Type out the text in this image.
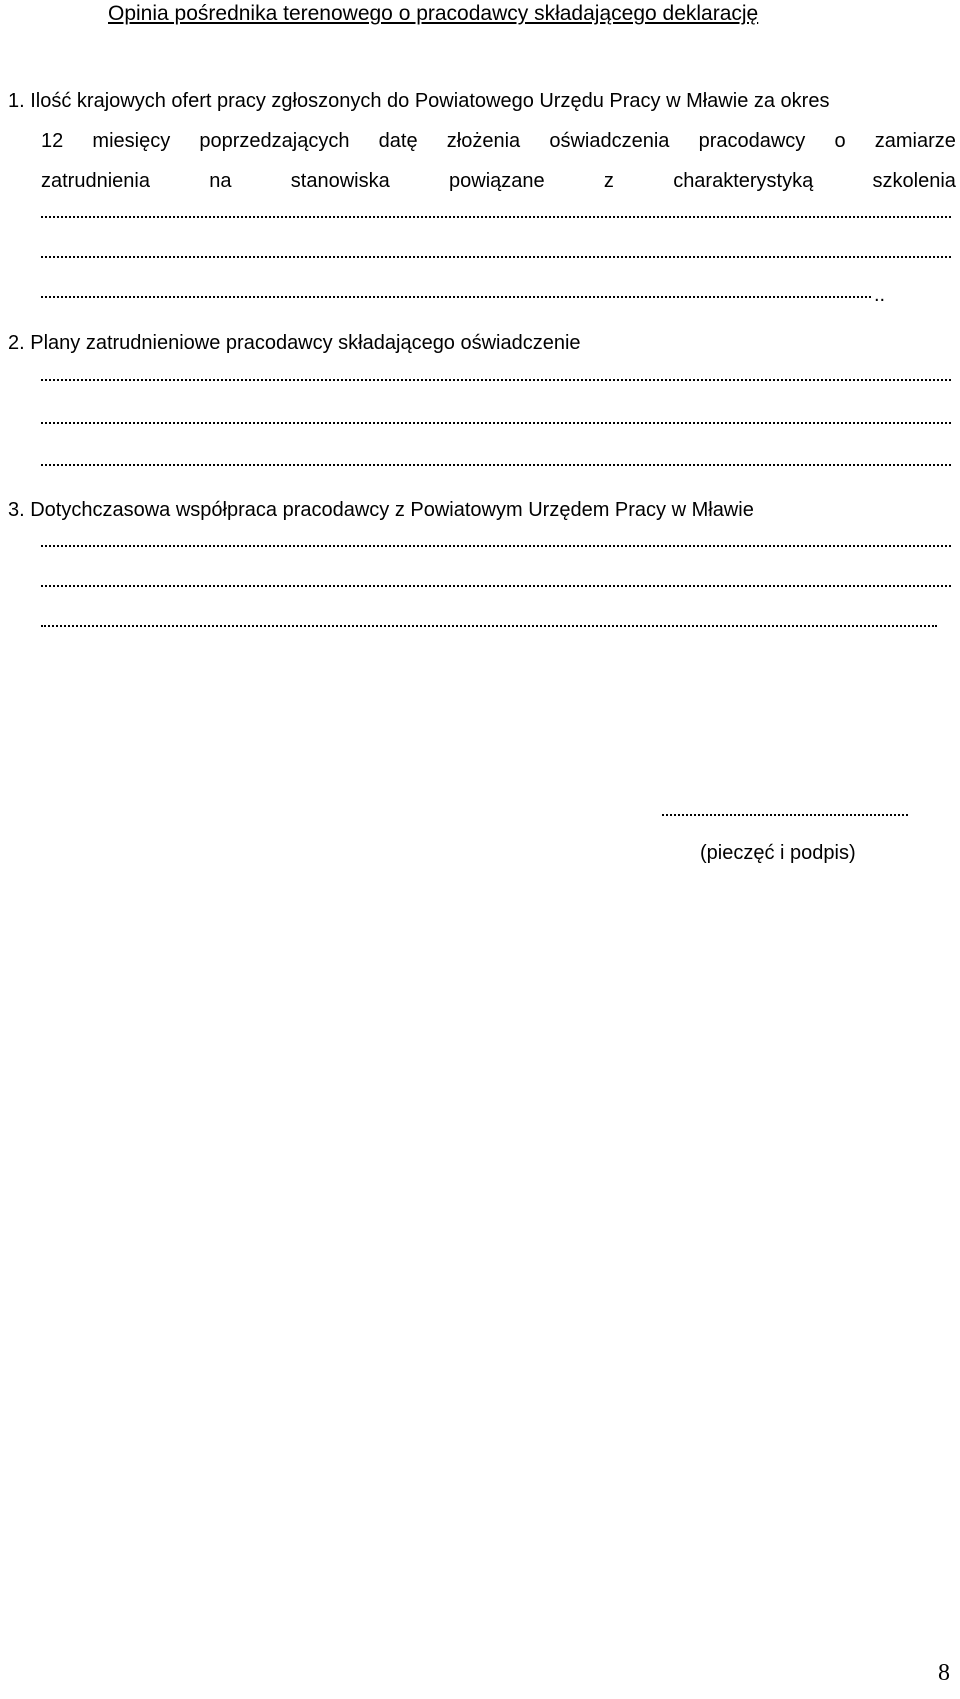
Opinia pośrednika terenowego o pracodawcy składającego deklarację
1. Ilość krajowych ofert pracy zgłoszonych do Powiatowego Urzędu Pracy w Mławie za okres
12 miesięcy poprzedzających datę złożenia oświadczenia pracodawcy o zamiarze
zatrudnienia	na	stanowiska	powiązane	z	charakterystyką	szkolenia
..
2. Plany zatrudnieniowe pracodawcy składającego oświadczenie
3. Dotychczasowa współpraca pracodawcy z Powiatowym Urzędem Pracy w Mławie
(pieczęć i podpis)
8
